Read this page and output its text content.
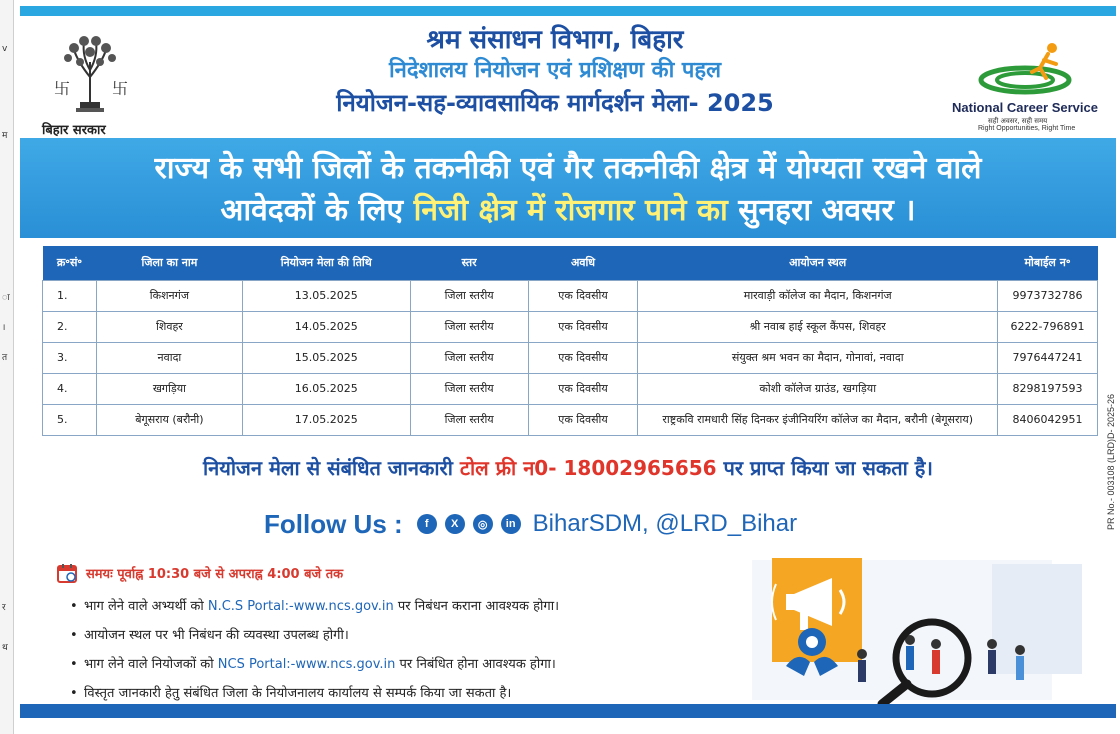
v
म
ा
।
त
र
थ
PR No.- 003108 (LRD)D- 2025-26
卐	卐
बिहार सरकार
श्रम संसाधन विभाग, बिहार
निदेशालय नियोजन एवं प्रशिक्षण की पहल
नियोजन-सह-व्यावसायिक मार्गदर्शन मेला- 2025	National Career Service
सही अवसर, सही समय
Right Opportunities, Right Time
राज्य के सभी जिलों के तकनीकी एवं गैर तकनीकी क्षेत्र में योग्यता रखने वाले
आवेदकों के लिए निजी क्षेत्र में रोजगार पाने का सुनहरा अवसर ।
क्र॰सं॰	जिला का नाम	नियोजन मेला की तिथि	स्तर	अवधि	आयोजन स्थल	मोबाईल न॰
1.	किशनगंज	13.05.2025	जिला स्तरीय	एक दिवसीय	मारवाड़ी कॉलेज का मैदान, किशनगंज	9973732786
2.	शिवहर	14.05.2025	जिला स्तरीय	एक दिवसीय	श्री नवाब हाई स्कूल कैंपस, शिवहर	6222-796891
3.	नवादा	15.05.2025	जिला स्तरीय	एक दिवसीय	संयुक्त श्रम भवन का मैदान, गोनावां, नवादा	7976447241
4.	खगड़िया	16.05.2025	जिला स्तरीय	एक दिवसीय	कोशी कॉलेज ग्राउंड, खगड़िया	8298197593
5.	बेगूसराय (बरौनी)	17.05.2025	जिला स्तरीय	एक दिवसीय	राष्ट्रकवि रामधारी सिंह दिनकर इंजीनियरिंग कॉलेज का मैदान, बरौनी (बेगूसराय)	8406042951
नियोजन मेला से संबंधित जानकारी टोल फ्री न0- 18002965656 पर प्राप्त किया जा सकता है।
Follow Us :	f	X	◎	in BiharSDM, @LRD_Bihar
समयः पूर्वाह्न 10:30 बजे से अपराह्न 4:00 बजे तक
• भाग लेने वाले अभ्यर्थी को N.C.S Portal:-www.ncs.gov.in पर निबंधन कराना आवश्यक होगा।
• आयोजन स्थल पर भी निबंधन की व्यवस्था उपलब्ध होगी।
• भाग लेने वाले नियोजकों को NCS Portal:-www.ncs.gov.in पर निबंधित होना आवश्यक होगा।
• विस्तृत जानकारी हेतु संबंधित जिला के नियोजनालय कार्यालय से सम्पर्क किया जा सकता है।
